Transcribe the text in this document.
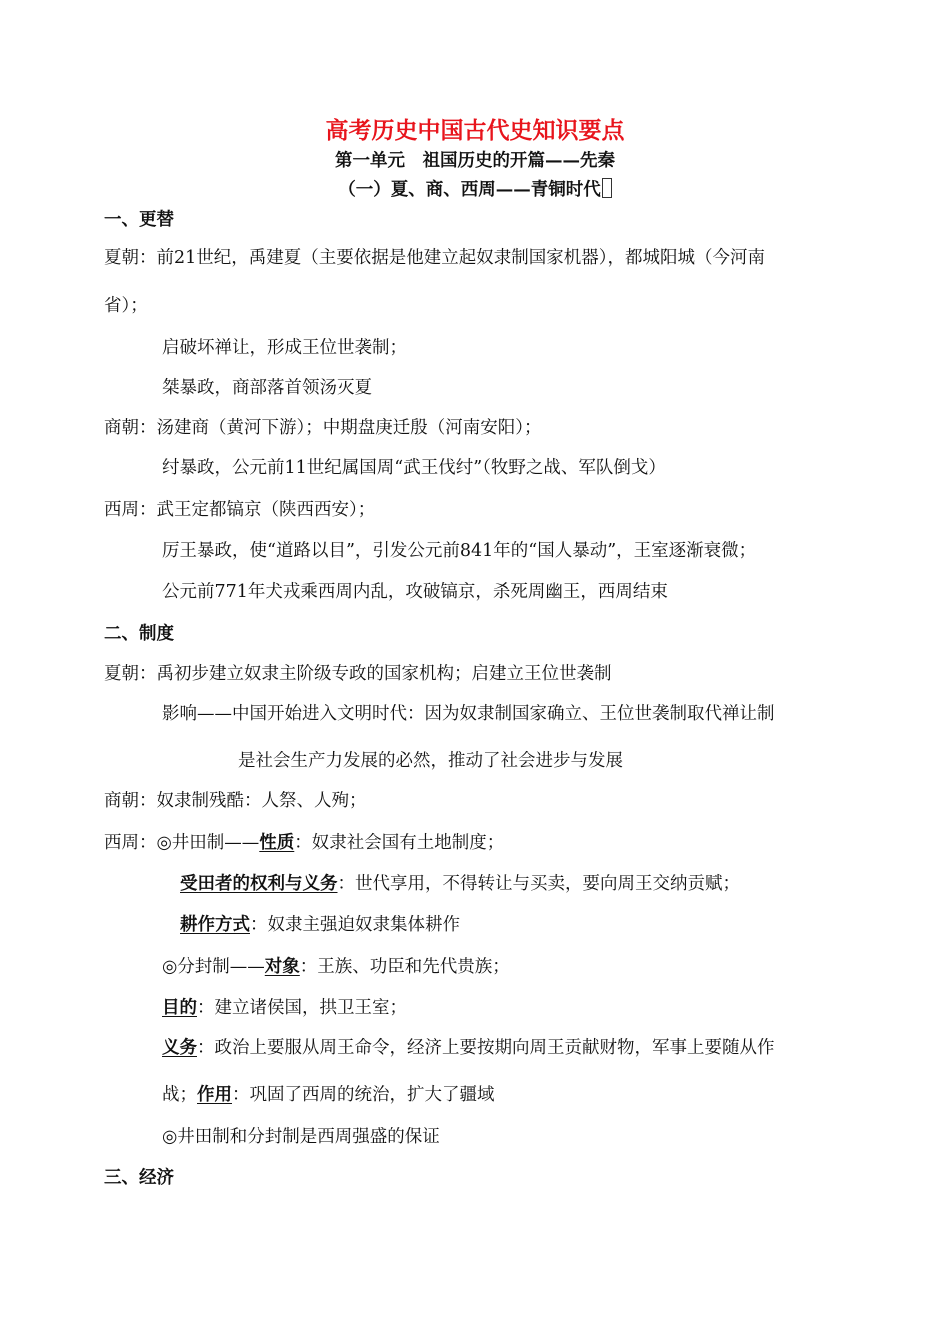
高考历史中国古代史知识要点
第一单元　祖国历史的开篇——先秦
（一）夏、商、西周——青铜时代
一、更替
夏朝：前21世纪，禹建夏（主要依据是他建立起奴隶制国家机器），都城阳城（今河南
省）；
启破坏禅让，形成王位世袭制；
桀暴政，商部落首领汤灭夏
商朝：汤建商（黄河下游）；中期盘庚迁殷（河南安阳）；
纣暴政，公元前11世纪属国周“武王伐纣”（牧野之战、军队倒戈）
西周：武王定都镐京（陕西西安）；
厉王暴政，使“道路以目”，引发公元前841年的“国人暴动”，王室逐渐衰微；
公元前771年犬戎乘西周内乱，攻破镐京，杀死周幽王，西周结束
二、制度
夏朝：禹初步建立奴隶主阶级专政的国家机构；启建立王位世袭制
影响——中国开始进入文明时代：因为奴隶制国家确立、王位世袭制取代禅让制
是社会生产力发展的必然，推动了社会进步与发展
商朝：奴隶制残酷：人祭、人殉；
西周：◎井田制——性质：奴隶社会国有土地制度；
受田者的权利与义务：世代享用，不得转让与买卖，要向周王交纳贡赋；
耕作方式：奴隶主强迫奴隶集体耕作
◎分封制——对象：王族、功臣和先代贵族；
目的：建立诸侯国，拱卫王室；
义务：政治上要服从周王命令，经济上要按期向周王贡献财物，军事上要随从作
战；作用：巩固了西周的统治，扩大了疆域
◎井田制和分封制是西周强盛的保证
三、经济
